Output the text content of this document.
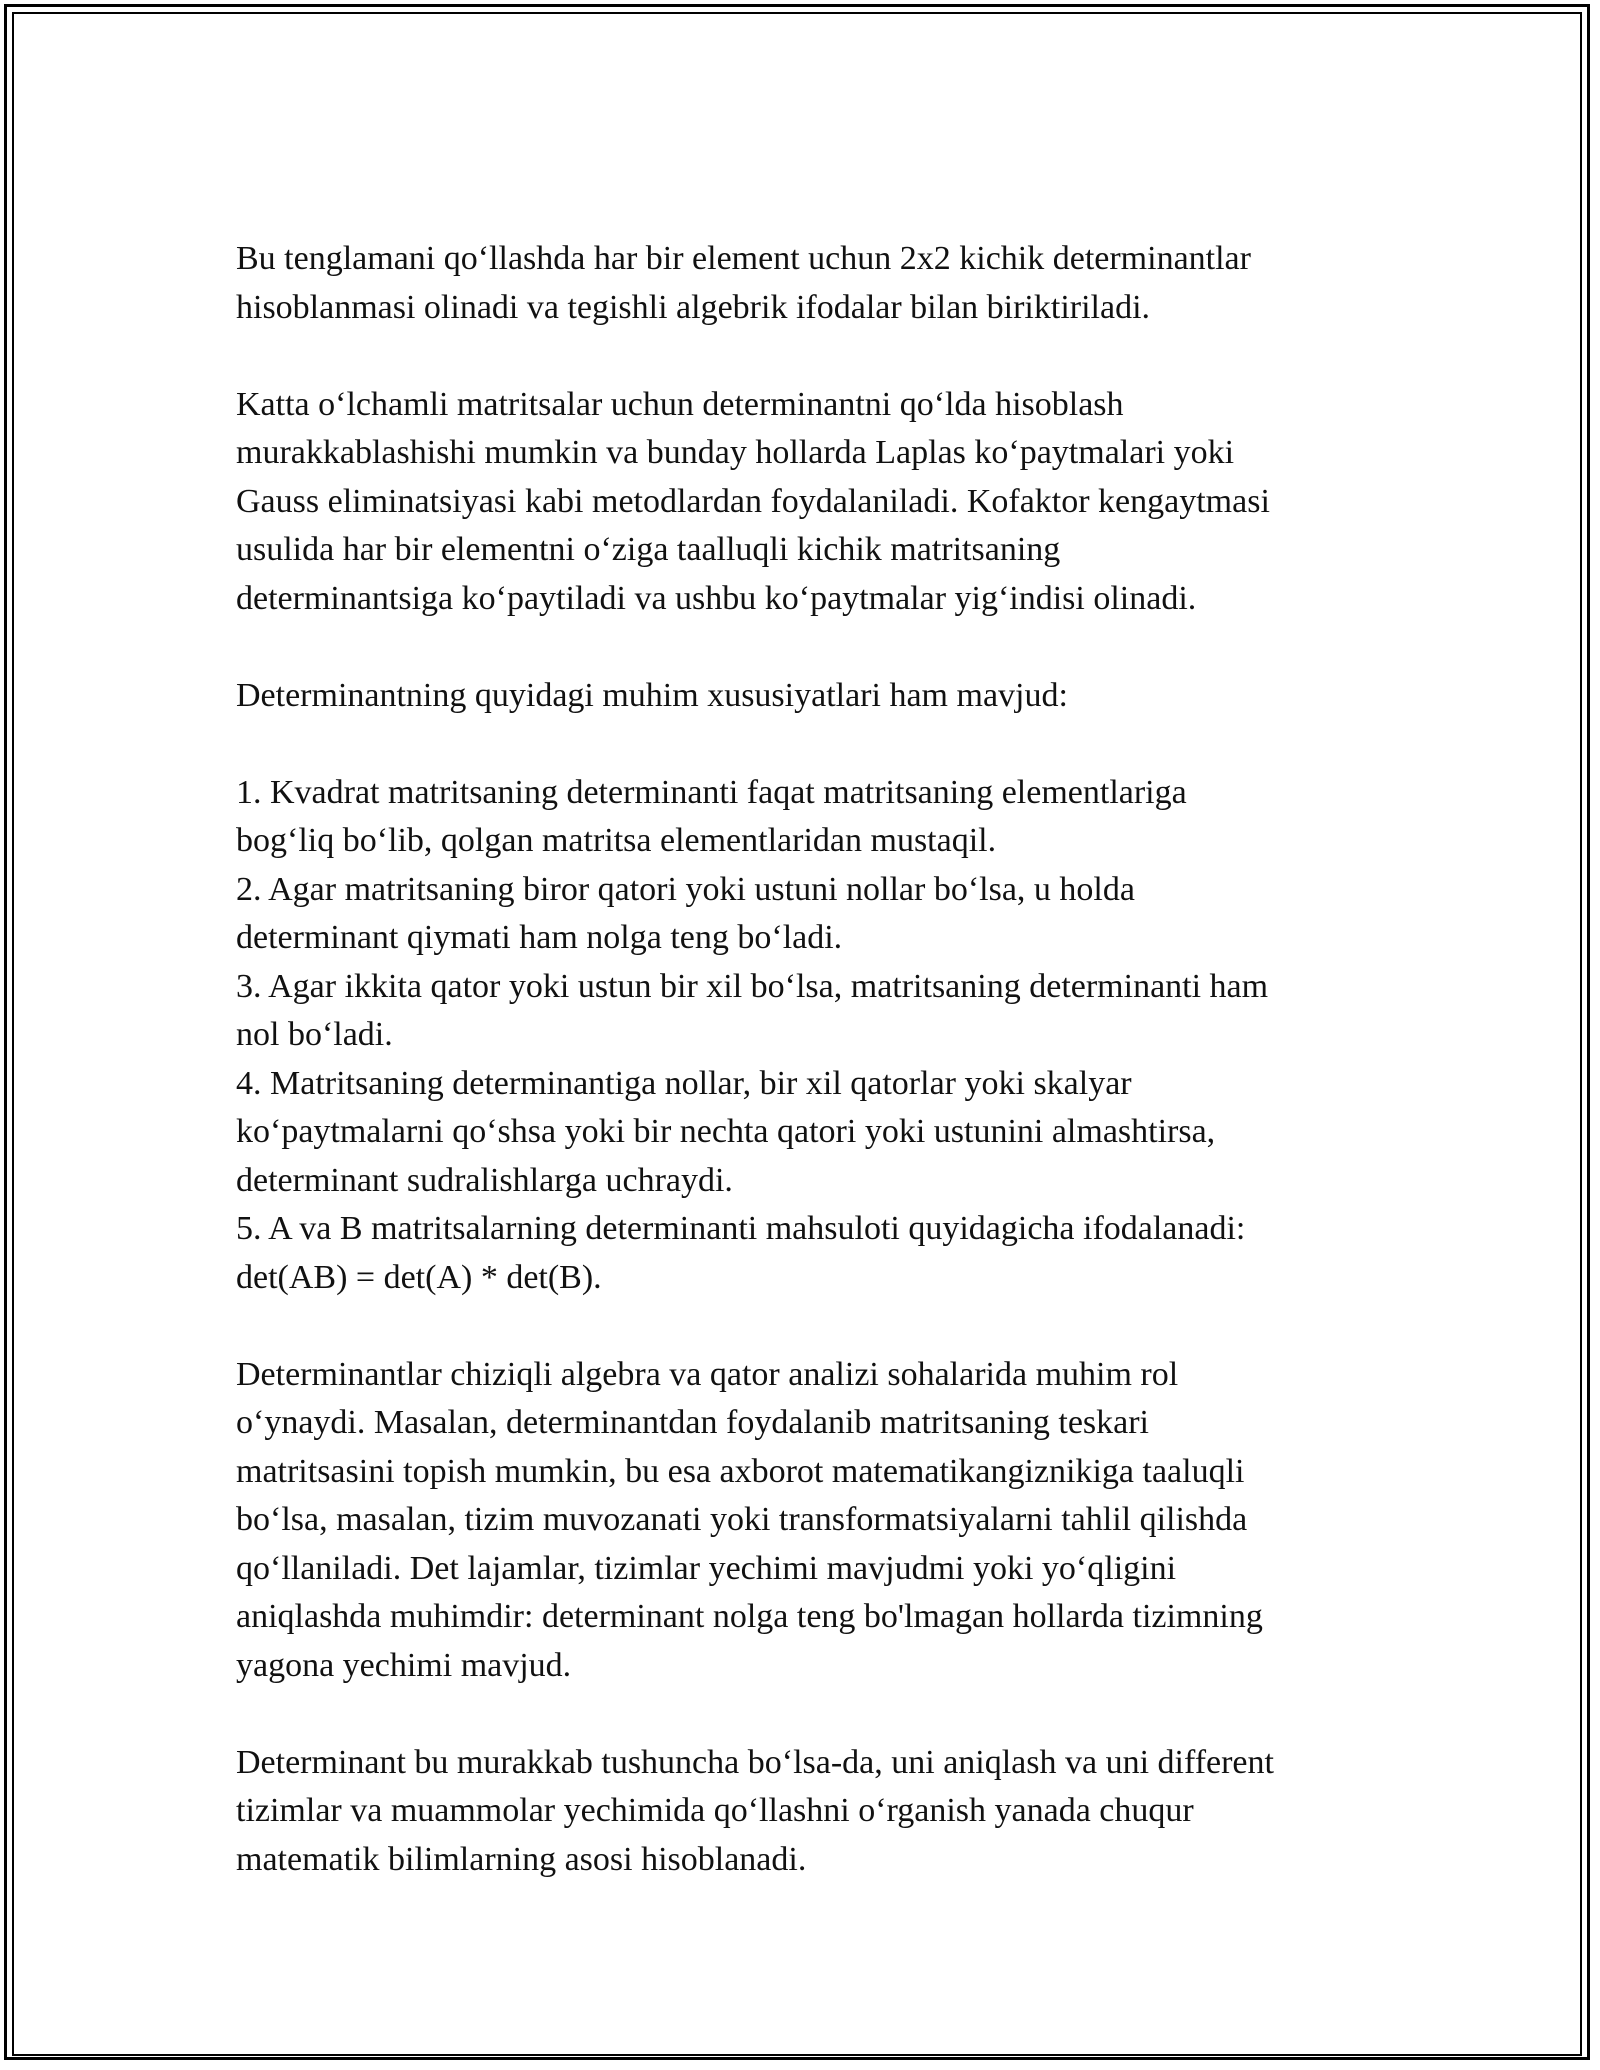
Bu tenglamani qo‘llashda har bir element uchun 2x2 kichik determinantlar
hisoblanmasi olinadi va tegishli algebrik ifodalar bilan biriktiriladi.

Katta o‘lchamli matritsalar uchun determinantni qo‘lda hisoblash
murakkablashishi mumkin va bunday hollarda Laplas ko‘paytmalari yoki
Gauss eliminatsiyasi kabi metodlardan foydalaniladi. Kofaktor kengaytmasi
usulida har bir elementni o‘ziga taalluqli kichik matritsaning
determinantsiga ko‘paytiladi va ushbu ko‘paytmalar yig‘indisi olinadi.

Determinantning quyidagi muhim xususiyatlari ham mavjud:

1. Kvadrat matritsaning determinanti faqat matritsaning elementlariga
bog‘liq bo‘lib, qolgan matritsa elementlaridan mustaqil.

2. Agar matritsaning biror qatori yoki ustuni nollar bo‘lsa, u holda
determinant qiymati ham nolga teng bo‘ladi.

3. Agar ikkita qator yoki ustun bir xil bo‘lsa, matritsaning determinanti ham
nol bo‘ladi.

4. Matritsaning determinantiga nollar, bir xil qatorlar yoki skalyar
ko‘paytmalarni qo‘shsa yoki bir nechta qatori yoki ustunini almashtirsa,
determinant sudralishlarga uchraydi.

5. A va B matritsalarning determinanti mahsuloti quyidagicha ifodalanadi:
det(AB) = det(A) * det(B).

Determinantlar chiziqli algebra va qator analizi sohalarida muhim rol
o‘ynaydi. Masalan, determinantdan foydalanib matritsaning teskari
matritsasini topish mumkin, bu esa axborot matematikangiznikiga taaluqli
bo‘lsa, masalan, tizim muvozanati yoki transformatsiyalarni tahlil qilishda
qo‘llaniladi. Det lajamlar, tizimlar yechimi mavjudmi yoki yo‘qligini
aniqlashda muhimdir: determinant nolga teng bo'lmagan hollarda tizimning
yagona yechimi mavjud.

Determinant bu murakkab tushuncha bo‘lsa-da, uni aniqlash va uni different
tizimlar va muammolar yechimida qo‘llashni o‘rganish yanada chuqur
matematik bilimlarning asosi hisoblanadi.
